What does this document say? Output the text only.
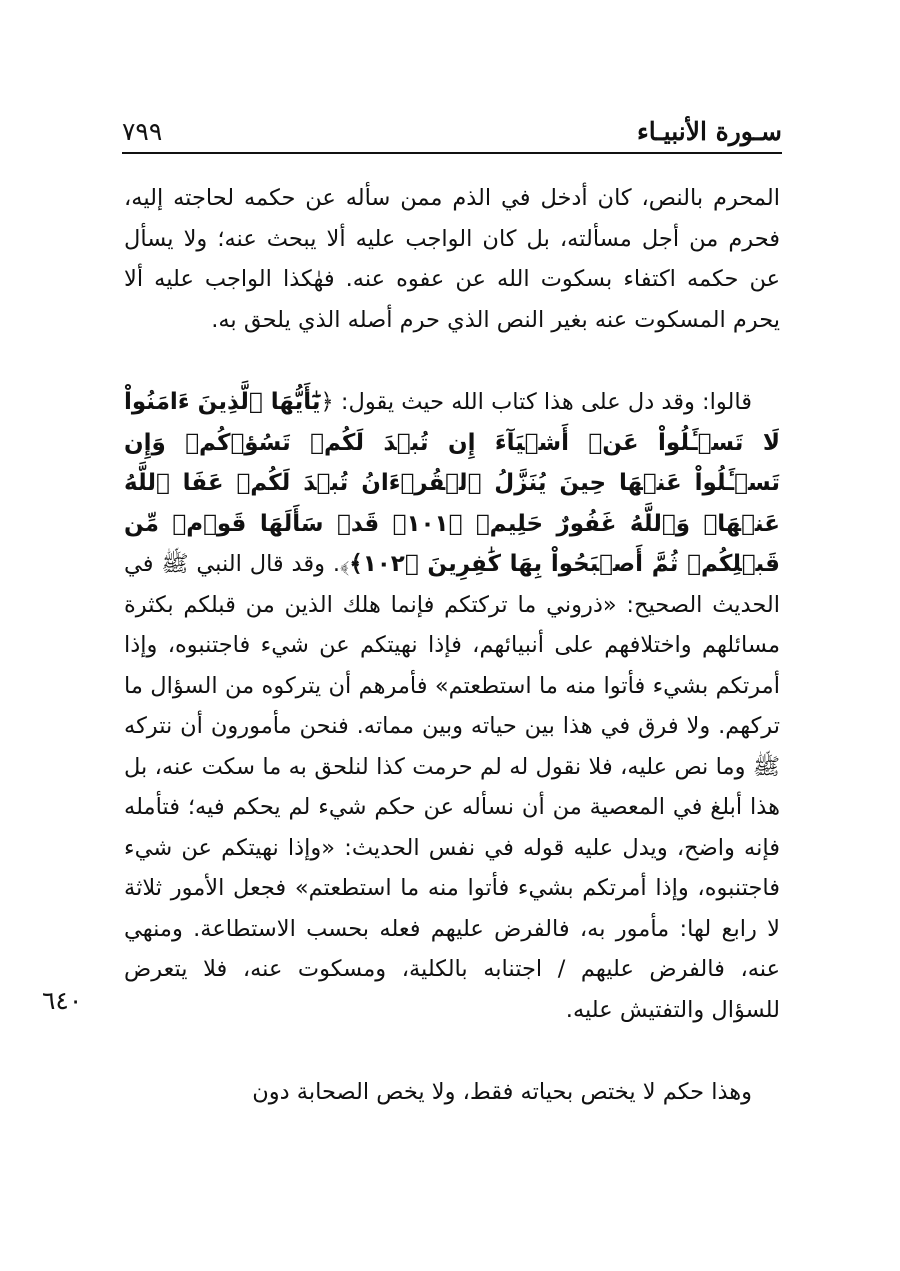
سـورة الأنبيـاء
٧٩٩
٦٤٠

المحرم بالنص، كان أدخل في الذم ممن سأله عن حكمه لحاجته إليه، فحرم من أجل مسألته، بل كان الواجب عليه ألا يبحث عنه؛ ولا يسأل عن حكمه اكتفاء بسكوت الله عن عفوه عنه. فهٰكذا الواجب عليه ألا يحرم المسكوت عنه بغير النص الذي حرم أصله الذي يلحق به.

قالوا: وقد دل على هذا كتاب الله حيث يقول: ﴿يَٰٓأَيُّهَا ٱلَّذِينَ ءَامَنُواْ لَا تَسۡـَٔلُواْ عَنۡ أَشۡيَآءَ إِن تُبۡدَ لَكُمۡ تَسُؤۡكُمۡ وَإِن تَسۡـَٔلُواْ عَنۡهَا حِينَ يُنَزَّلُ ٱلۡقُرۡءَانُ تُبۡدَ لَكُمۡ عَفَا ٱللَّهُ عَنۡهَاۗ وَٱللَّهُ غَفُورٌ حَلِيمٞ ﴿١٠١﴾ قَدۡ سَأَلَهَا قَوۡمٞ مِّن قَبۡلِكُمۡ ثُمَّ أَصۡبَحُواْ بِهَا كَٰفِرِينَ ﴿١٠٢﴾﴾. وقد قال النبي ﷺ في الحديث الصحيح: «ذروني ما تركتكم فإنما هلك الذين من قبلكم بكثرة مسائلهم واختلافهم على أنبيائهم، فإذا نهيتكم عن شيء فاجتنبوه، وإذا أمرتكم بشيء فأتوا منه ما استطعتم» فأمرهم أن يتركوه من السؤال ما تركهم. ولا فرق في هذا بين حياته وبين مماته. فنحن مأمورون أن نتركه ﷺ وما نص عليه، فلا نقول له لم حرمت كذا لنلحق به ما سكت عنه، بل هذا أبلغ في المعصية من أن نسأله عن حكم شيء لم يحكم فيه؛ فتأمله فإنه واضح، ويدل عليه قوله في نفس الحديث: «وإذا نهيتكم عن شيء فاجتنبوه، وإذا أمرتكم بشيء فأتوا منه ما استطعتم» فجعل الأمور ثلاثة لا رابع لها: مأمور به، فالفرض عليهم فعله بحسب الاستطاعة. ومنهي عنه، فالفرض عليهم / اجتنابه بالكلية، ومسكوت عنه، فلا يتعرض للسؤال والتفتيش عليه.

وهذا حكم لا يختص بحياته فقط، ولا يخص الصحابة دون
